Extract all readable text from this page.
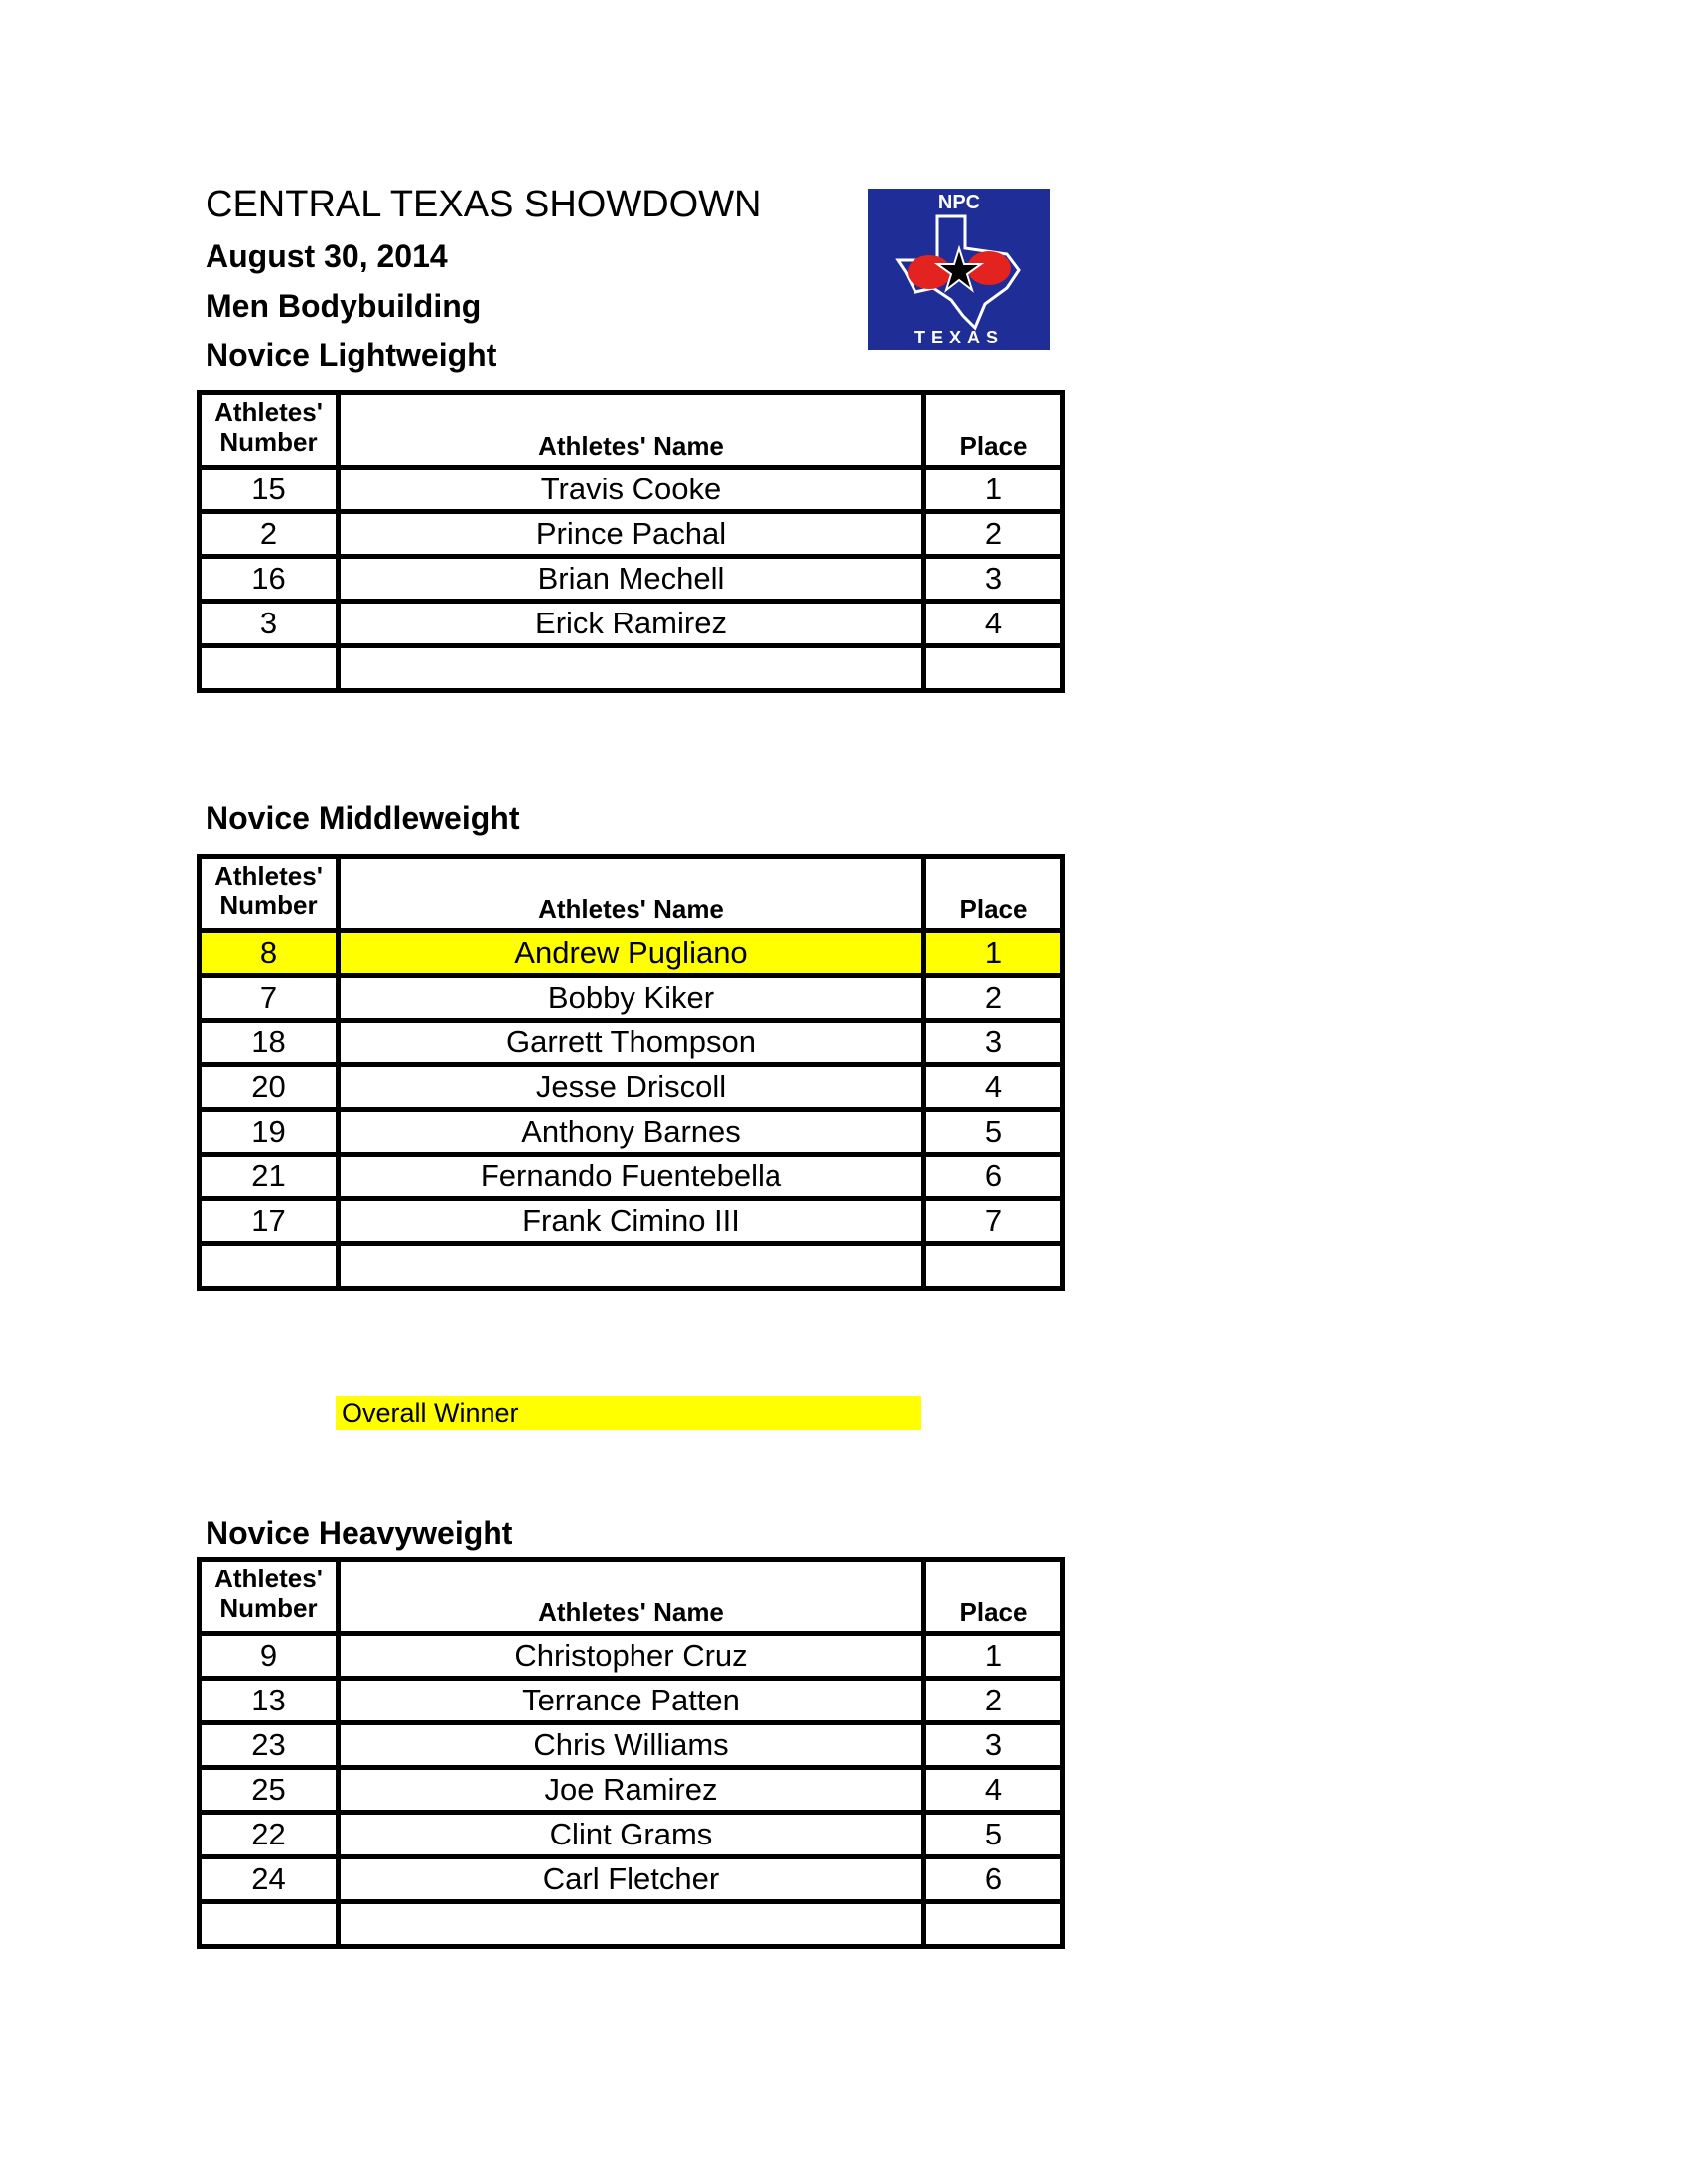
CENTRAL TEXAS SHOWDOWN
August 30, 2014
Men Bodybuilding
NPC
TEXAS
Novice Lightweight
Athletes'
Number	Athletes' Name	Place
15	Travis Cooke	1
2	Prince Pachal	2
16	Brian Mechell	3
3	Erick Ramirez	4

Novice Middleweight
Athletes'
Number	Athletes' Name	Place
8	Andrew Pugliano	1
7	Bobby Kiker	2
18	Garrett Thompson	3
20	Jesse Driscoll	4
19	Anthony Barnes	5
21	Fernando Fuentebella	6
17	Frank Cimino III	7

Overall Winner
Novice Heavyweight
Athletes'
Number	Athletes' Name	Place
9	Christopher Cruz	1
13	Terrance Patten	2
23	Chris Williams	3
25	Joe Ramirez	4
22	Clint Grams	5
24	Carl Fletcher	6
